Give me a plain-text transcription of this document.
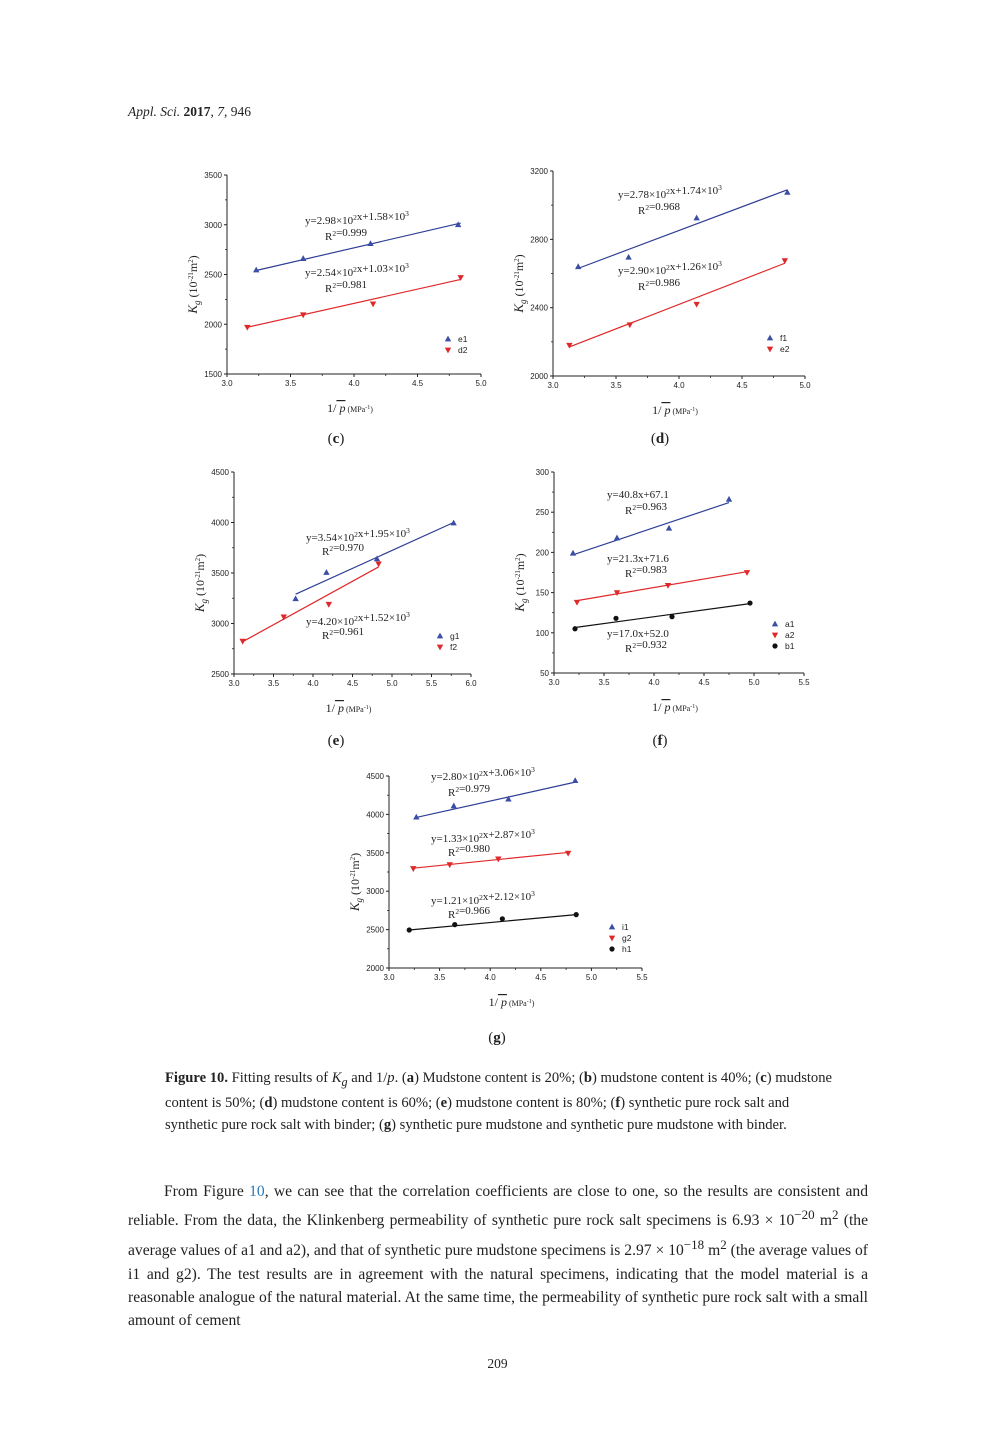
Appl. Sci. 2017, 7, 946
3.0	3.5	4.0	4.5	5.0
1500
2000
2500
3000
3500
$K_g$ $(10^{-21}m^2)$
1/ p (MPa$^{-1}_)$
$y=2.98\times 10^2x+1.58\times 10^3$
$R^2=0.999$
e1
$y=2.54\times 10^2x+1.03\times 10^3$
$R^2=0.981$
d2
3.0	3.5	4.0	4.5	5.0
2000
2400
2800
3200
$K_g$ $(10^{-21}m^2)$
1/ p (MPa$^{-1}_)$
$y=2.78\times 10^2x+1.74\times 10^3$
$R^2=0.968$
f1
$y=2.90\times 10^2x+1.26\times 10^3$
$R^2=0.986$
e2
3.0	3.5	4.0	4.5	5.0	5.5	6.0
2500
3000
3500
4000
4500
$K_g$ $(10^{-21}m^2)$
1/ p (MPa$^{-1}_)$
$y=3.54\times 10^2x+1.95\times 10^3$
$R^2=0.970$
g1
$y=4.20\times 10^2x+1.52\times 10^3$
$R^2=0.961$
f2
3.0	3.5	4.0	4.5	5.0	5.5
50
100
150
200
250
300
$K_g$ $(10^{-21}m^2)$
1/ p (MPa$^{-1}_)$
y=40.8x+67.1
$R^2=0.963$
a1
y=21.3x+71.6
$R^2=0.983$
a2
y=17.0x+52.0
$R^2=0.932$	b1
3.0	3.5	4.0	4.5	5.0	5.5
2000
2500
3000
3500
4000
4500
$K_g$ $(10^{-21}m^2)$
1/ p (MPa$^{-1}_)$
$y=2.80\times 10^2x+3.06\times 10^3$
$R^2=0.979$
i1
$y=1.33\times 10^2x+2.87\times 10^3$
$R^2=0.980$
g2
$y=1.21\times 10^2x+2.12\times 10^3$
$R^2=0.966$
h1
(c)	(d)
(e)	(f)
(g)
Figure 10. Fitting results of $K_g$ and 1/p. (a) Mudstone content is 20%; (b) mudstone content is 40%; (c) mudstone content is 50%; (d) mudstone content is 60%; (e) mudstone content is 80%; (f) synthetic pure rock salt and synthetic pure rock salt with binder; (g) synthetic pure mudstone and synthetic pure mudstone with binder.

From Figure 10, we can see that the correlation coefficients are close to one, so the results are consistent and reliable. From the data, the Klinkenberg permeability of synthetic pure rock salt specimens is $6.93 \times 10^{-20}$ $m^2$ (the average values of a1 and a2), and that of synthetic pure mudstone specimens is $2.97 \times 10^{-18}$ $m^2$ (the average values of i1 and g2). The test results are in agreement with the natural specimens, indicating that the model material is a reasonable analogue of the natural material. At the same time, the permeability of synthetic pure rock salt with a small amount of cement

209
